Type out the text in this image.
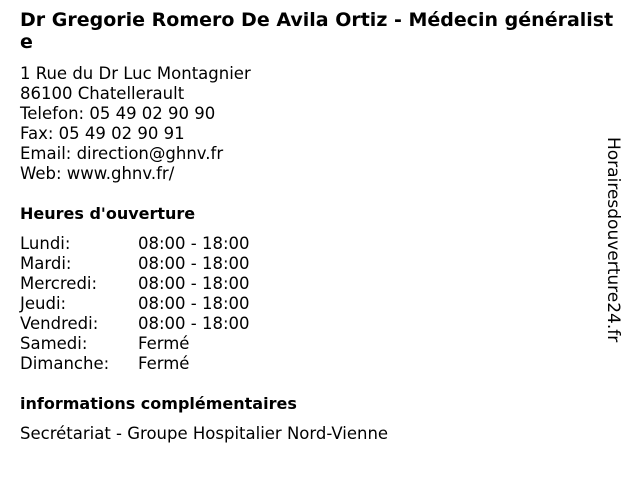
Dr Gregorie Romero De Avila Ortiz - Médecin généraliste
1 Rue du Dr Luc Montagnier
86100 Chatellerault
Telefon: 05 49 02 90 90
Fax: 05 49 02 90 91
Email: direction@ghnv.fr
Web: www.ghnv.fr/
Heures d'ouverture
Lundi:	08:00 - 18:00
Mardi:	08:00 - 18:00
Mercredi:	08:00 - 18:00
Jeudi:	08:00 - 18:00
Vendredi:	08:00 - 18:00
Samedi:	Fermé
Dimanche:	Fermé
informations complémentaires
Secrétariat - Groupe Hospitalier Nord-Vienne
Horairesdouverture24.fr
